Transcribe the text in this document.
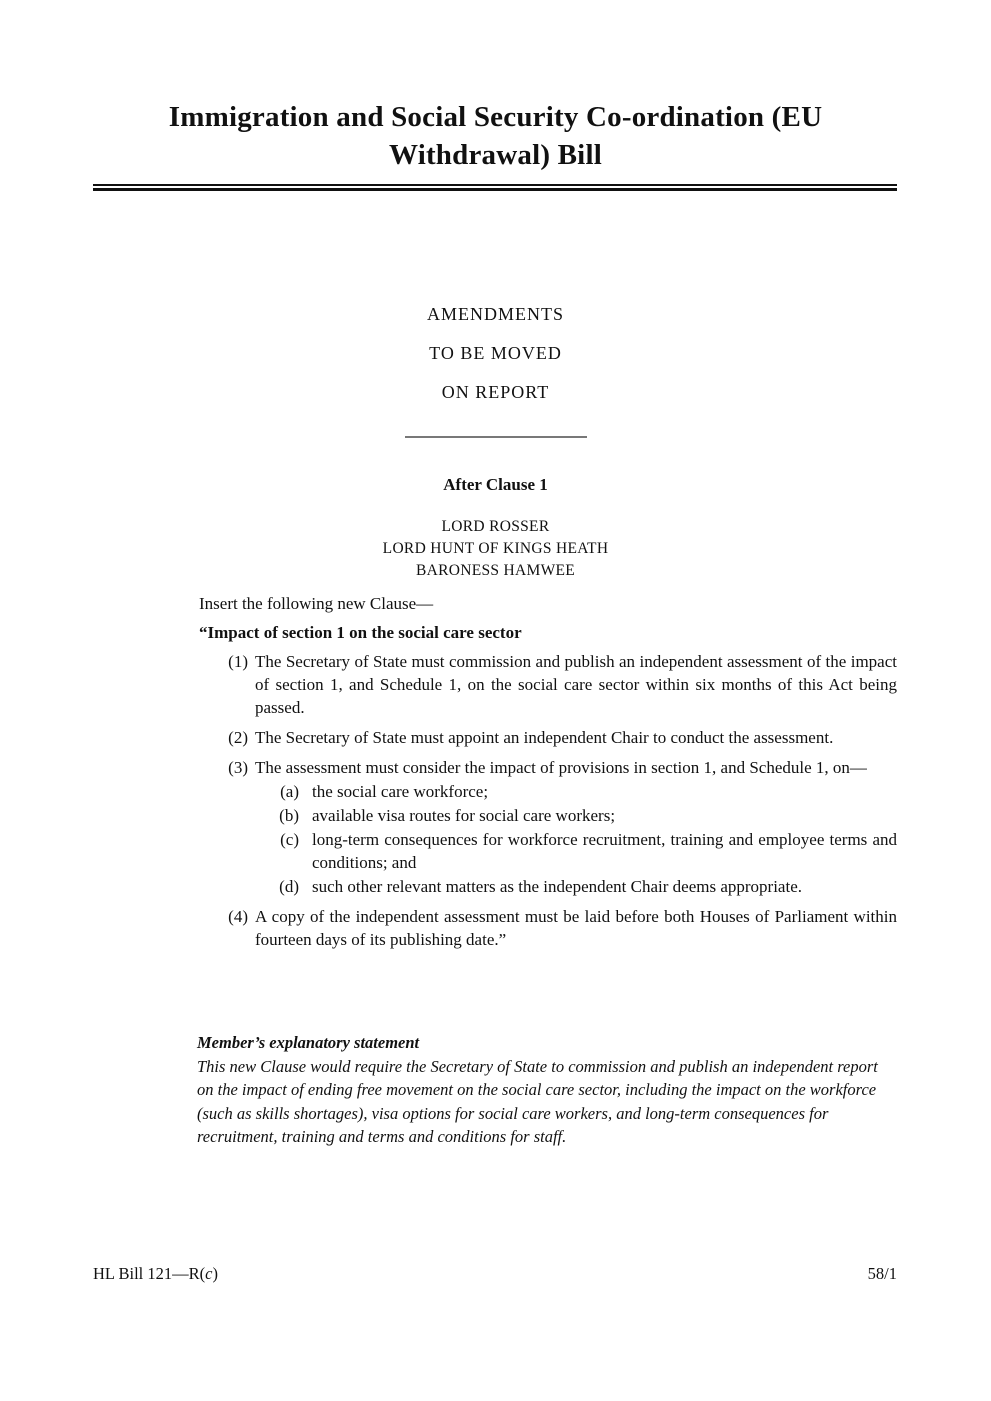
Immigration and Social Security Co-ordination (EU Withdrawal) Bill
AMENDMENTS
TO BE MOVED
ON REPORT
After Clause 1
LORD ROSSER
LORD HUNT OF KINGS HEATH
BARONESS HAMWEE
Insert the following new Clause—
“Impact of section 1 on the social care sector
(1) The Secretary of State must commission and publish an independent assessment of the impact of section 1, and Schedule 1, on the social care sector within six months of this Act being passed.
(2) The Secretary of State must appoint an independent Chair to conduct the assessment.
(3) The assessment must consider the impact of provisions in section 1, and Schedule 1, on—
(a) the social care workforce;
(b) available visa routes for social care workers;
(c) long-term consequences for workforce recruitment, training and employee terms and conditions; and
(d) such other relevant matters as the independent Chair deems appropriate.
(4) A copy of the independent assessment must be laid before both Houses of Parliament within fourteen days of its publishing date.”
Member’s explanatory statement
This new Clause would require the Secretary of State to commission and publish an independent report on the impact of ending free movement on the social care sector, including the impact on the workforce (such as skills shortages), visa options for social care workers, and long-term consequences for recruitment, training and terms and conditions for staff.
HL Bill 121—R(c)	58/1
